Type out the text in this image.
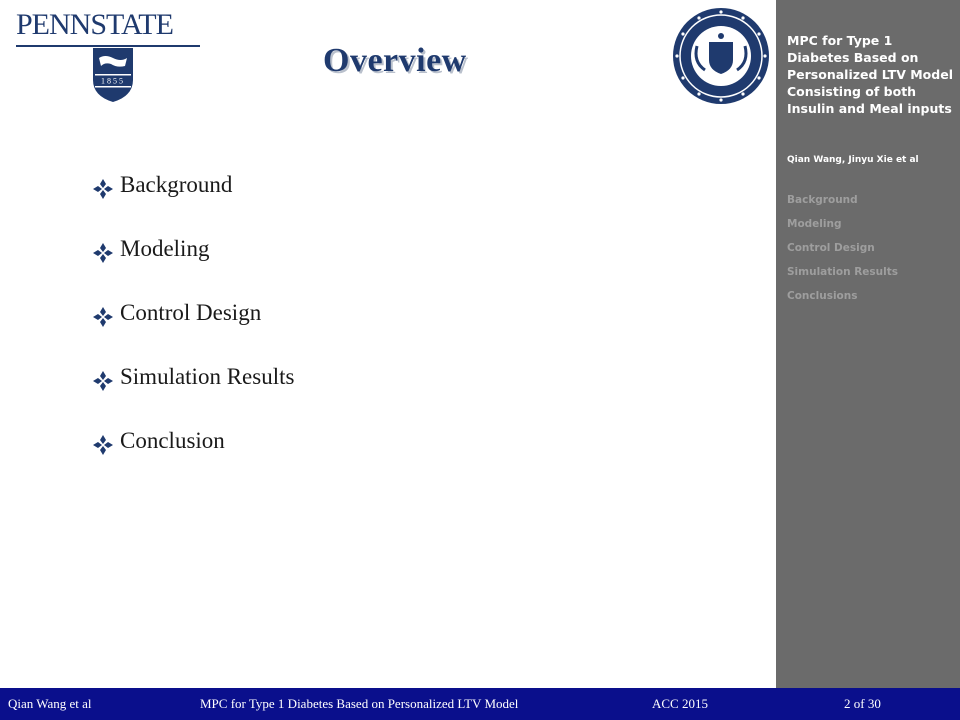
PENNSTATE
1855
Overview
Background
Modeling
Control Design
Simulation Results
Conclusion
MPC for Type 1 Diabetes Based on Personalized LTV Model Consisting of both Insulin and Meal inputs
Qian Wang, Jinyu Xie et al
Background
Modeling
Control Design
Simulation Results
Conclusions
Qian Wang et al	MPC for Type 1 Diabetes Based on Personalized LTV Model	ACC 2015	2 of 30
